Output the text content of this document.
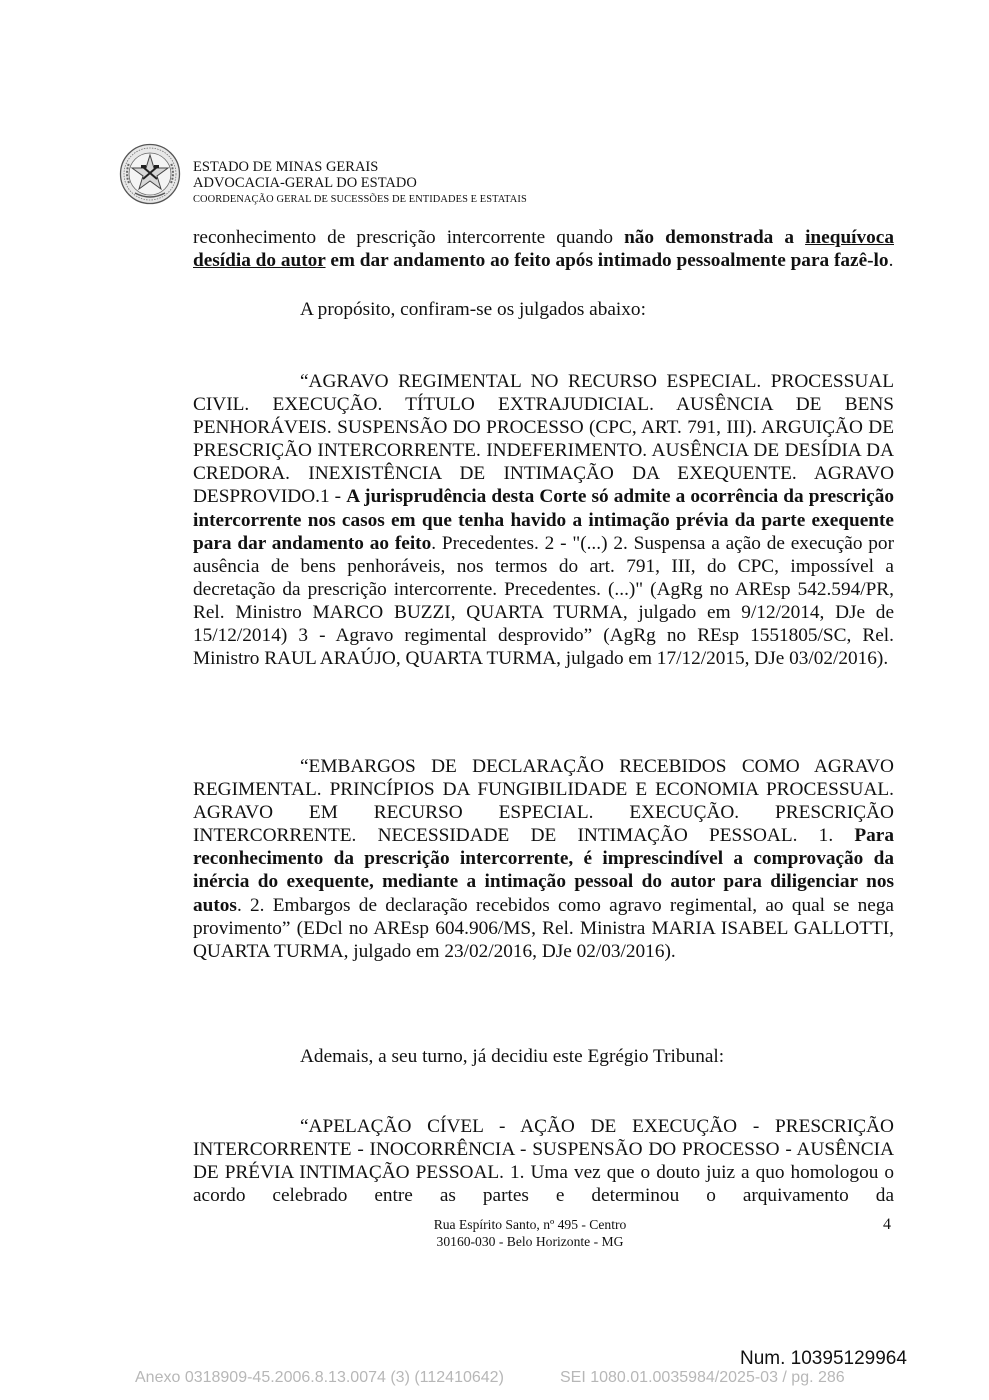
ESTADO DE MINAS GERAIS
ADVOCACIA-GERAL DO ESTADO
COORDENAÇÃO GERAL DE SUCESSÕES DE ENTIDADES E ESTATAIS

reconhecimento de prescrição intercorrente quando não demonstrada a inequívoca desídia do autor em dar andamento ao feito após intimado pessoalmente para fazê-lo.

A propósito, confiram-se os julgados abaixo:

“AGRAVO REGIMENTAL NO RECURSO ESPECIAL. PROCESSUAL CIVIL. EXECUÇÃO. TÍTULO EXTRAJUDICIAL. AUSÊNCIA DE BENS PENHORÁVEIS. SUSPENSÃO DO PROCESSO (CPC, ART. 791, III). ARGUIÇÃO DE PRESCRIÇÃO INTERCORRENTE. INDEFERIMENTO. AUSÊNCIA DE DESÍDIA DA CREDORA. INEXISTÊNCIA DE INTIMAÇÃO DA EXEQUENTE. AGRAVO DESPROVIDO.1 - A jurisprudência desta Corte só admite a ocorrência da prescrição intercorrente nos casos em que tenha havido a intimação prévia da parte exequente para dar andamento ao feito. Precedentes. 2 - "(...) 2. Suspensa a ação de execução por ausência de bens penhoráveis, nos termos do art. 791, III, do CPC, impossível a decretação da prescrição intercorrente. Precedentes. (...)" (AgRg no AREsp 542.594/PR, Rel. Ministro MARCO BUZZI, QUARTA TURMA, julgado em 9/12/2014, DJe de 15/12/2014) 3 - Agravo regimental desprovido” (AgRg no REsp 1551805/SC, Rel. Ministro RAUL ARAÚJO, QUARTA TURMA, julgado em 17/12/2015, DJe 03/02/2016).

“EMBARGOS DE DECLARAÇÃO RECEBIDOS COMO AGRAVO REGIMENTAL. PRINCÍPIOS DA FUNGIBILIDADE E ECONOMIA PROCESSUAL. AGRAVO EM RECURSO ESPECIAL. EXECUÇÃO. PRESCRIÇÃO INTERCORRENTE. NECESSIDADE DE INTIMAÇÃO PESSOAL. 1. Para reconhecimento da prescrição intercorrente, é imprescindível a comprovação da inércia do exequente, mediante a intimação pessoal do autor para diligenciar nos autos. 2. Embargos de declaração recebidos como agravo regimental, ao qual se nega provimento” (EDcl no AREsp 604.906/MS, Rel. Ministra MARIA ISABEL GALLOTTI, QUARTA TURMA, julgado em 23/02/2016, DJe 02/03/2016).

Ademais, a seu turno, já decidiu este Egrégio Tribunal:

“APELAÇÃO CÍVEL - AÇÃO DE EXECUÇÃO - PRESCRIÇÃO INTERCORRENTE - INOCORRÊNCIA - SUSPENSÃO DO PROCESSO - AUSÊNCIA DE PRÉVIA INTIMAÇÃO PESSOAL. 1. Uma vez que o douto juiz a quo homologou o acordo celebrado entre as partes e determinou o arquivamento da

Rua Espírito Santo, nº 495 - Centro
30160-030 - Belo Horizonte - MG
4
Num. 10395129964
Anexo 0318909-45.2006.8.13.0074 (3) (112410642)	SEI 1080.01.0035984/2025-03 / pg. 286
